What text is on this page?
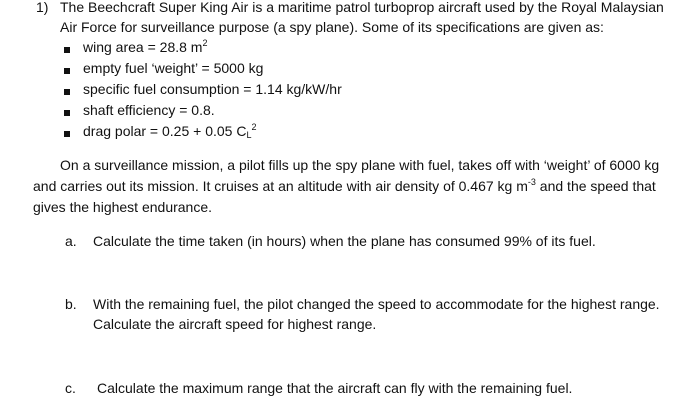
1) The Beechcraft Super King Air is a maritime patrol turboprop aircraft used by the Royal Malaysian
Air Force for surveillance purpose (a spy plane). Some of its specifications are given as:
wing area = 28.8 $m^2$
empty fuel ‘weight’ = 5000 kg
specific fuel consumption = 1.14 kg/kW/hr
shaft efficiency = 0.8.
drag polar = 0.25 + 0.05 $C_L^2$
On a surveillance mission, a pilot fills up the spy plane with fuel, takes off with ‘weight’ of 6000 kg
and carries out its mission. It cruises at an altitude with air density of 0.467 kg $m^{-3}$ and the speed that
gives the highest endurance.
a. Calculate the time taken (in hours) when the plane has consumed 99% of its fuel.
b. With the remaining fuel, the pilot changed the speed to accommodate for the highest range.
Calculate the aircraft speed for highest range.
c. Calculate the maximum range that the aircraft can fly with the remaining fuel.
